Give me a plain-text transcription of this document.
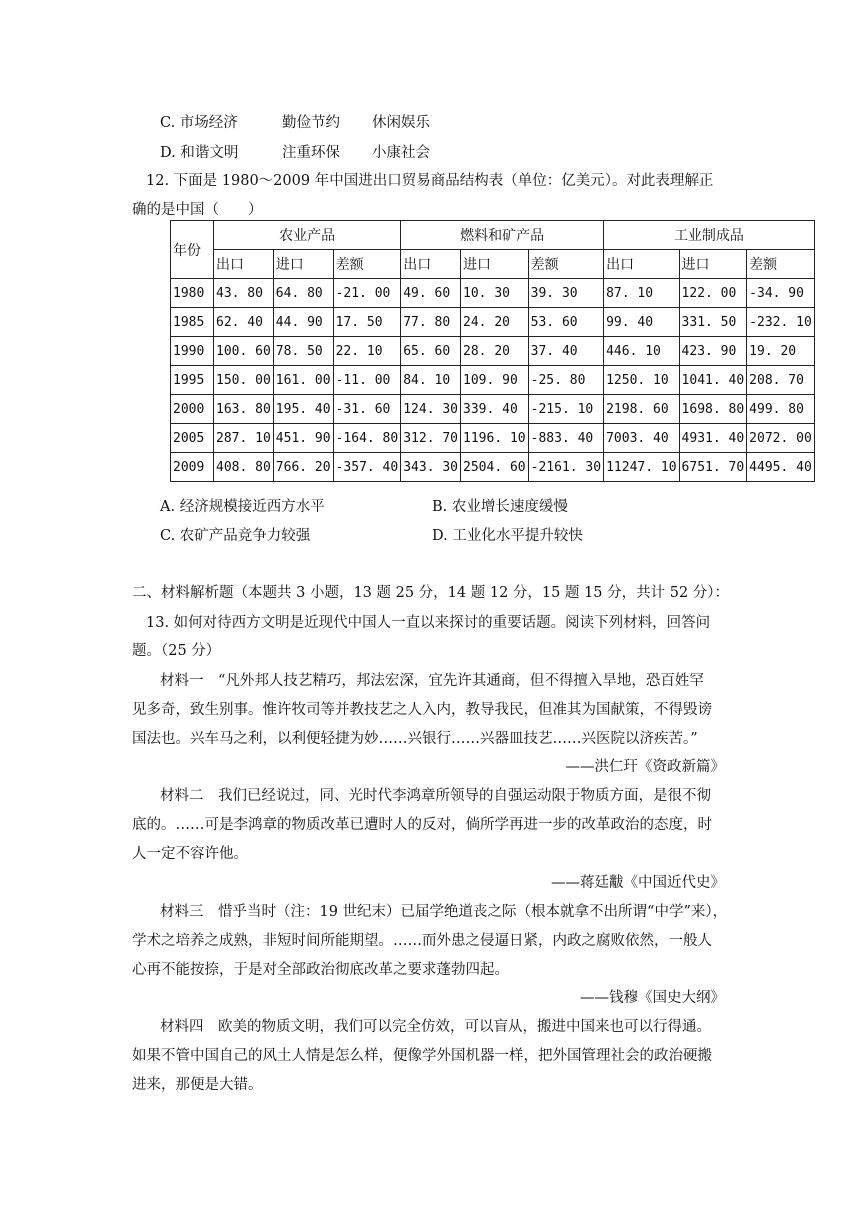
C. 市场经济	勤俭节约 休闲娱乐
D. 和谐文明	注重环保 小康社会
12. 下面是 1980～2009 年中国进出口贸易商品结构表（单位：亿美元）。对此表理解正
确的是中国（　　）
年份	农业产品			燃料和矿产品			工业制成品		
	出口	进口	差额	出口	进口	差额	出口	进口	差额
1980	43. 80	64. 80	-21. 00	49. 60	10. 30	39. 30	87. 10	122. 00	-34. 90
1985	62. 40	44. 90	17. 50	77. 80	24. 20	53. 60	99. 40	331. 50	-232. 10
1990	100. 60	78. 50	22. 10	65. 60	28. 20	37. 40	446. 10	423. 90	19. 20
1995	150. 00	161. 00	-11. 00	84. 10	109. 90	-25. 80	1250. 10	1041. 40	208. 70
2000	163. 80	195. 40	-31. 60	124. 30	339. 40	-215. 10	2198. 60	1698. 80	499. 80
2005	287. 10	451. 90	-164. 80	312. 70	1196. 10	-883. 40	7003. 40	4931. 40	2072. 00
2009	408. 80	766. 20	-357. 40	343. 30	2504. 60	-2161. 30	11247. 10	6751. 70	4495. 40
A. 经济规模接近西方水平	B. 农业增长速度缓慢
C. 农矿产品竞争力较强	D. 工业化水平提升较快
二、材料解析题（本题共 3 小题，13 题 25 分，14 题 12 分，15 题 15 分，共计 52 分）：
13. 如何对待西方文明是近现代中国人一直以来探讨的重要话题。阅读下列材料，回答问
题。（25 分）
材料一　“凡外邦人技艺精巧，邦法宏深，宜先许其通商，但不得擅入旱地，恐百姓罕
见多奇，致生别事。惟许牧司等并教技艺之人入内，教导我民，但准其为国献策，不得毁谤
国法也。兴车马之利，以利便轻捷为妙……兴银行……兴器皿技艺……兴医院以济疾苦。”
——洪仁玕《资政新篇》
材料二　我们已经说过，同、光时代李鸿章所领导的自强运动限于物质方面，是很不彻
底的。……可是李鸿章的物质改革已遭时人的反对，倘所学再进一步的改革政治的态度，时
人一定不容许他。
——蒋廷黻《中国近代史》
材料三　惜乎当时（注：19 世纪末）已届学绝道丧之际（根本就拿不出所谓“中学”来），
学术之培养之成熟，非短时间所能期望。……而外患之侵逼日紧，内政之腐败依然，一般人
心再不能按捺，于是对全部政治彻底改革之要求蓬勃四起。
——钱穆《国史大纲》
材料四　欧美的物质文明，我们可以完全仿效，可以盲从，搬进中国来也可以行得通。
如果不管中国自己的风土人情是怎么样，便像学外国机器一样，把外国管理社会的政治硬搬
进来，那便是大错。
